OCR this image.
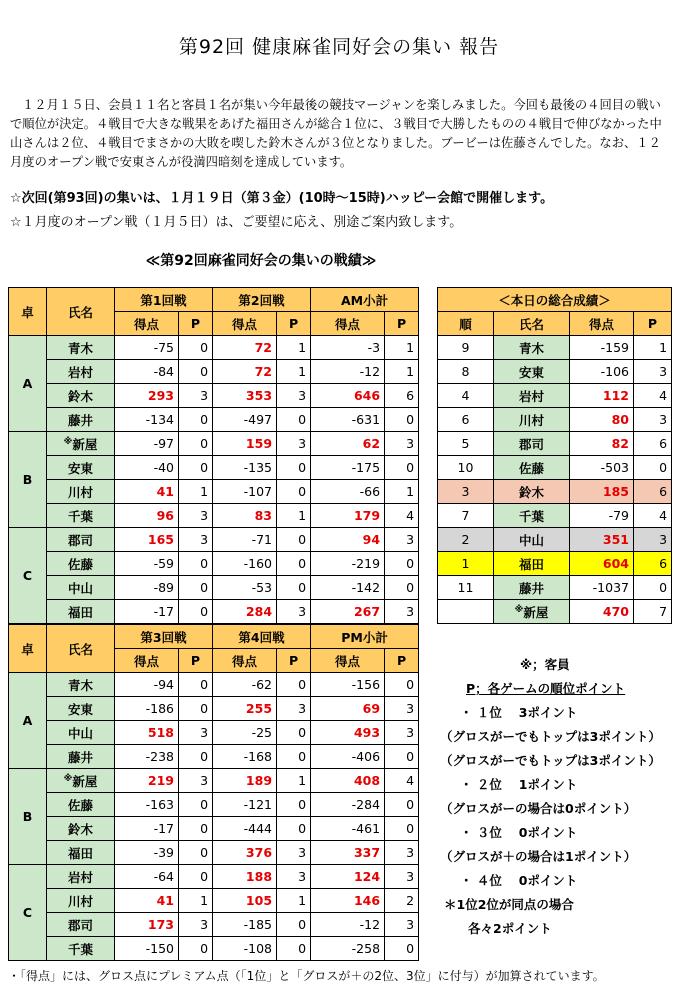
第92回 健康麻雀同好会の集い 報告
１２月１５日、会員１１名と客員１名が集い今年最後の競技マージャンを楽しみました。今回も最後の４回目の戦いで順位が決定。４戦目で大きな戦果をあげた福田さんが総合１位に、３戦目で大勝したものの４戦目で伸びなかった中山さんは２位、４戦目でまさかの大敗を喫した鈴木さんが３位となりました。ブービーは佐藤さんでした。なお、１２月度のオープン戦で安東さんが役満四暗刻を達成しています。
☆次回(第93回)の集いは、１月１９日（第３金）(10時～15時)ハッピー会館で開催します。
☆１月度のオープン戦（１月５日）は、ご要望に応え、別途ご案内致します。
≪第92回麻雀同好会の集いの戦績≫
卓	氏名	第1回戦		第2回戦		AM小計	
		得点	P	得点	P	得点	P
A	青木	-75	0	72	1	-3	1
	岩村	-84	0	72	1	-12	1
	鈴木	293	3	353	3	646	6
	藤井	-134	0	-497	0	-631	0
B	※新屋	-97	0	159	3	62	3
	安東	-40	0	-135	0	-175	0
	川村	41	1	-107	0	-66	1
	千葉	96	3	83	1	179	4
C	郡司	165	3	-71	0	94	3
	佐藤	-59	0	-160	0	-219	0
	中山	-89	0	-53	0	-142	0
	福田	-17	0	284	3	267	3
卓	氏名	第3回戦		第4回戦		PM小計	
		得点	P	得点	P	得点	P
A	青木	-94	0	-62	0	-156	0
	安東	-186	0	255	3	69	3
	中山	518	3	-25	0	493	3
	藤井	-238	0	-168	0	-406	0
B	※新屋	219	3	189	1	408	4
	佐藤	-163	0	-121	0	-284	0
	鈴木	-17	0	-444	0	-461	0
	福田	-39	0	376	3	337	3
C	岩村	-64	0	188	3	124	3
	川村	41	1	105	1	146	2
	郡司	173	3	-185	0	-12	3
	千葉	-150	0	-108	0	-258	0
＜本日の総合成績＞			
順	氏名	得点	P
9	青木	-159	1
8	安東	-106	3
4	岩村	112	4
6	川村	80	3
5	郡司	82	6
10	佐藤	-503	0
3	鈴木	185	6
7	千葉	-79	4
2	中山	351	3
1	福田	604	6
11	藤井	-1037	0
	※新屋	470	7
※；客員
P；各ゲームの順位ポイント
・ １位　 3ポイント
（グロスがーでもトップは3ポイント）
（グロスがーでもトップは3ポイント）
・ ２位　 1ポイント
（グロスがーの場合は0ポイント）
・ ３位　 0ポイント
（グロスが＋の場合は1ポイント）
・ ４位　 0ポイント
＊1位2位が同点の場合
各々2ポイント
・「得点」には、グロス点にプレミアム点（「1位」と「グロスが＋の2位、3位」に付与）が加算されています。
